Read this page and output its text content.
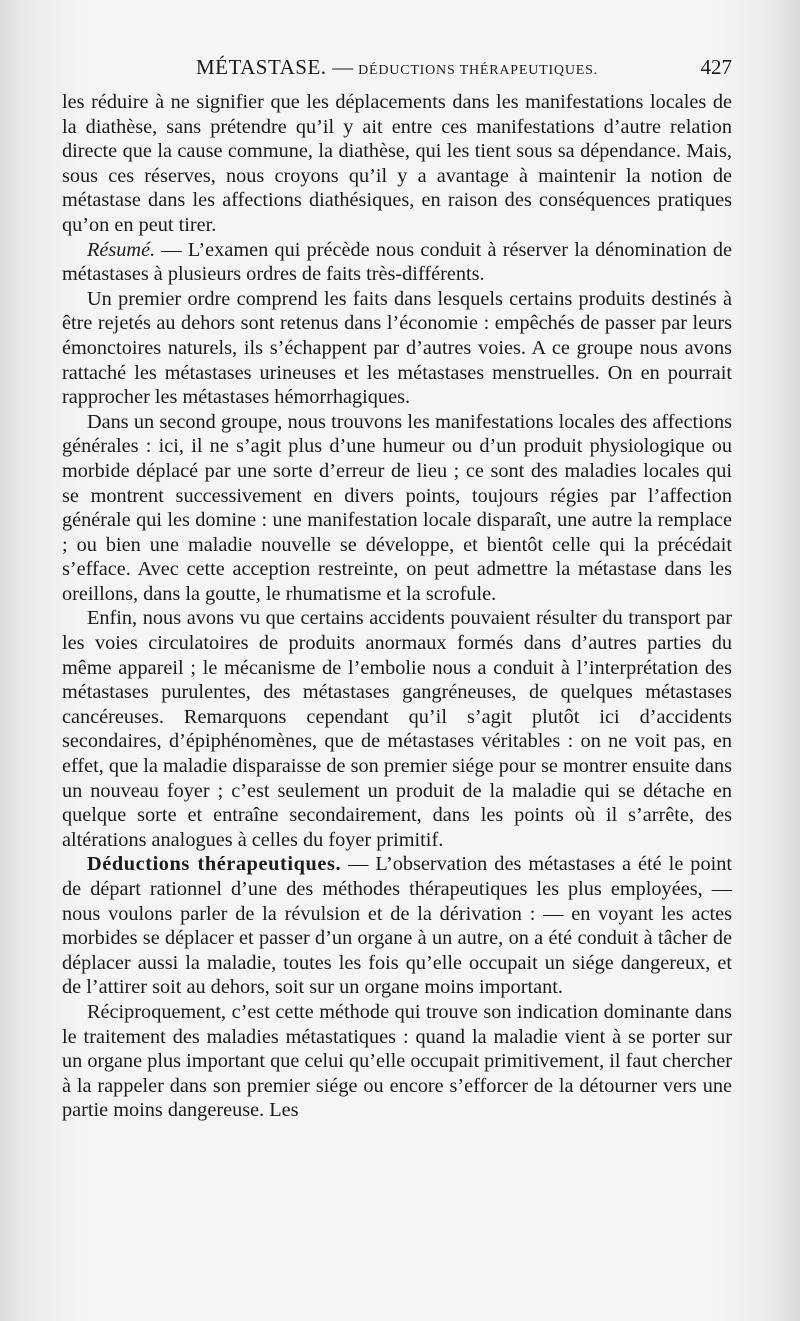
MÉTASTASE. — DÉDUCTIONS THÉRAPEUTIQUES.	427

les réduire à ne signifier que les déplacements dans les manifestations locales de la diathèse, sans prétendre qu’il y ait entre ces manifestations d’autre relation directe que la cause commune, la diathèse, qui les tient sous sa dépendance. Mais, sous ces réserves, nous croyons qu’il y a avantage à maintenir la notion de métastase dans les affections diathésiques, en raison des conséquences pratiques qu’on en peut tirer.

Résumé. — L’examen qui précède nous conduit à réserver la dénomination de métastases à plusieurs ordres de faits très-différents.

Un premier ordre comprend les faits dans lesquels certains produits destinés à être rejetés au dehors sont retenus dans l’économie : empêchés de passer par leurs émonctoires naturels, ils s’échappent par d’autres voies. A ce groupe nous avons rattaché les métastases urineuses et les métastases menstruelles. On en pourrait rapprocher les métastases hémorrhagiques.

Dans un second groupe, nous trouvons les manifestations locales des affections générales : ici, il ne s’agit plus d’une humeur ou d’un produit physiologique ou morbide déplacé par une sorte d’erreur de lieu ; ce sont des maladies locales qui se montrent successivement en divers points, toujours régies par l’affection générale qui les domine : une manifestation locale disparaît, une autre la remplace ; ou bien une maladie nouvelle se développe, et bientôt celle qui la précédait s’efface. Avec cette acception restreinte, on peut admettre la métastase dans les oreillons, dans la goutte, le rhumatisme et la scrofule.

Enfin, nous avons vu que certains accidents pouvaient résulter du transport par les voies circulatoires de produits anormaux formés dans d’autres parties du même appareil ; le mécanisme de l’embolie nous a conduit à l’interprétation des métastases purulentes, des métastases gangréneuses, de quelques métastases cancéreuses. Remarquons cependant qu’il s’agit plutôt ici d’accidents secondaires, d’épiphénomènes, que de métastases véritables : on ne voit pas, en effet, que la maladie disparaisse de son premier siége pour se montrer ensuite dans un nouveau foyer ; c’est seulement un produit de la maladie qui se détache en quelque sorte et entraîne secondairement, dans les points où il s’arrête, des altérations analogues à celles du foyer primitif.

Déductions thérapeutiques. — L’observation des métastases a été le point de départ rationnel d’une des méthodes thérapeutiques les plus employées, — nous voulons parler de la révulsion et de la dérivation : — en voyant les actes morbides se déplacer et passer d’un organe à un autre, on a été conduit à tâcher de déplacer aussi la maladie, toutes les fois qu’elle occupait un siége dangereux, et de l’attirer soit au dehors, soit sur un organe moins important.

Réciproquement, c’est cette méthode qui trouve son indication dominante dans le traitement des maladies métastatiques : quand la maladie vient à se porter sur un organe plus important que celui qu’elle occupait primitivement, il faut chercher à la rappeler dans son premier siége ou encore s’efforcer de la détourner vers une partie moins dangereuse. Les
